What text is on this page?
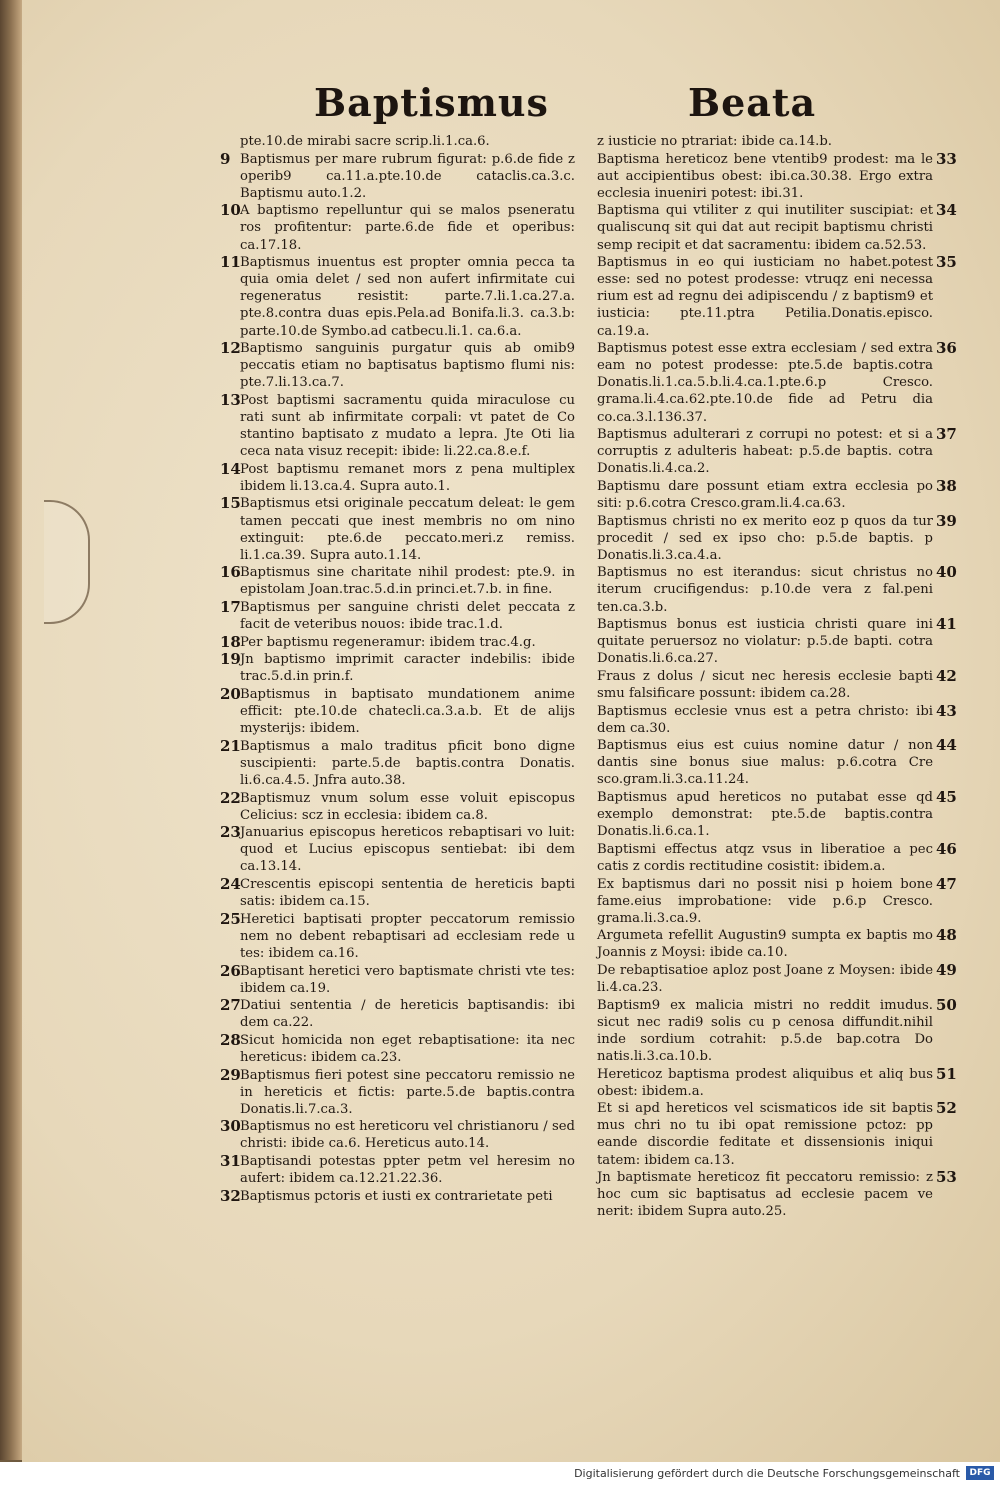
Baptismus	Beata
pte.10.de mirabi sacre scrip.li.1.ca.6.
9 Baptismus per mare rubrum figurat: p.6.de fide z operib9 ca.11.a.pte.10.de cataclis.ca.3.c. Baptismu auto.1.2.
10 A baptismo repelluntur qui se malos pseneratu ros profitentur: parte.6.de fide et operibus: ca.17.18.
11 Baptismus inuentus est propter omnia pecca ta quia omia delet / sed non aufert infirmitate cui regeneratus resistit: parte.7.li.1.ca.27.a. pte.8.contra duas epis.Pela.ad Bonifa.li.3. ca.3.b: parte.10.de Symbo.ad catbecu.li.1. ca.6.a.
12 Baptismo sanguinis purgatur quis ab omib9 peccatis etiam no baptisatus baptismo flumi nis: pte.7.li.13.ca.7.
13 Post baptismi sacramentu quida miraculose cu rati sunt ab infirmitate corpali: vt patet de Co stantino baptisato z mudato a lepra. Jte Oti lia ceca nata visuz recepit: ibide: li.22.ca.8.e.f.
14 Post baptismu remanet mors z pena multiplex ibidem li.13.ca.4. Supra auto.1.
15 Baptismus etsi originale peccatum deleat: le gem tamen peccati que inest membris no om nino extinguit: pte.6.de peccato.meri.z remiss. li.1.ca.39. Supra auto.1.14.
16 Baptismus sine charitate nihil prodest: pte.9. in epistolam Joan.trac.5.d.in princi.et.7.b. in fine.
17 Baptismus per sanguine christi delet peccata z facit de veteribus nouos: ibide trac.1.d.
18 Per baptismu regeneramur: ibidem trac.4.g.
19 Jn baptismo imprimit caracter indebilis: ibide trac.5.d.in prin.f.
20 Baptismus in baptisato mundationem anime efficit: pte.10.de chatecli.ca.3.a.b. Et de alijs mysterijs: ibidem.
21 Baptismus a malo traditus pficit bono digne suscipienti: parte.5.de baptis.contra Donatis. li.6.ca.4.5. Jnfra auto.38.
22 Baptismuz vnum solum esse voluit episcopus Celicius: scz in ecclesia: ibidem ca.8.
23 Januarius episcopus hereticos rebaptisari vo luit: quod et Lucius episcopus sentiebat: ibi dem ca.13.14.
24 Crescentis episcopi sententia de hereticis bapti satis: ibidem ca.15.
25 Heretici baptisati propter peccatorum remissio nem no debent rebaptisari ad ecclesiam rede u tes: ibidem ca.16.
26 Baptisant heretici vero baptismate christi vte tes: ibidem ca.19.
27 Datiui sententia / de hereticis baptisandis: ibi dem ca.22.
28 Sicut homicida non eget rebaptisatione: ita nec hereticus: ibidem ca.23.
29 Baptismus fieri potest sine peccatoru remissio ne in hereticis et fictis: parte.5.de baptis.contra Donatis.li.7.ca.3.
30 Baptismus no est hereticoru vel christianoru / sed christi: ibide ca.6. Hereticus auto.14.
31 Baptisandi potestas ppter petm vel heresim no aufert: ibidem ca.12.21.22.36.
32 Baptismus pctoris et iusti ex contrarietate peti
z iusticie no ptrariat: ibide ca.14.b.
33
Baptisma hereticoz bene vtentib9 prodest: ma le aut accipientibus obest: ibi.ca.30.38. Ergo extra ecclesia inueniri potest: ibi.31.
34
Baptisma qui vtiliter z qui inutiliter suscipiat: et qualiscunq sit qui dat aut recipit baptismu christi semp recipit et dat sacramentu: ibidem ca.52.53.
35
Baptismus in eo qui iusticiam no habet.potest esse: sed no potest prodesse: vtruqz eni necessa rium est ad regnu dei adipiscendu / z baptism9 et iusticia: pte.11.ptra Petilia.Donatis.episco. ca.19.a.
36
Baptismus potest esse extra ecclesiam / sed extra eam no potest prodesse: pte.5.de baptis.cotra Donatis.li.1.ca.5.b.li.4.ca.1.pte.6.p Cresco. grama.li.4.ca.62.pte.10.de fide ad Petru dia co.ca.3.l.136.37.
37
Baptismus adulterari z corrupi no potest: et si a corruptis z adulteris habeat: p.5.de baptis. cotra Donatis.li.4.ca.2.
38
Baptismu dare possunt etiam extra ecclesia po siti: p.6.cotra Cresco.gram.li.4.ca.63.
39
Baptismus christi no ex merito eoz p quos da tur procedit / sed ex ipso cho: p.5.de baptis. p Donatis.li.3.ca.4.a.
40
Baptismus no est iterandus: sicut christus no iterum crucifigendus: p.10.de vera z fal.peni ten.ca.3.b.
41
Baptismus bonus est iusticia christi quare ini quitate peruersoz no violatur: p.5.de bapti. cotra Donatis.li.6.ca.27.
42
Fraus z dolus / sicut nec heresis ecclesie bapti smu falsificare possunt: ibidem ca.28.
43
Baptismus ecclesie vnus est a petra christo: ibi dem ca.30.
44
Baptismus eius est cuius nomine datur / non dantis sine bonus siue malus: p.6.cotra Cre sco.gram.li.3.ca.11.24.
45
Baptismus apud hereticos no putabat esse qd exemplo demonstrat: pte.5.de baptis.contra Donatis.li.6.ca.1.
46
Baptismi effectus atqz vsus in liberatioe a pec catis z cordis rectitudine cosistit: ibidem.a.
47
Ex baptismus dari no possit nisi p hoiem bone fame.eius improbatione: vide p.6.p Cresco. grama.li.3.ca.9.
48
Argumeta refellit Augustin9 sumpta ex baptis mo Joannis z Moysi: ibide ca.10.
49
De rebaptisatioe aploz post Joane z Moysen: ibide li.4.ca.23.
50
Baptism9 ex malicia mistri no reddit imudus. sicut nec radi9 solis cu p cenosa diffundit.nihil inde sordium cotrahit: p.5.de bap.cotra Do natis.li.3.ca.10.b.
51
Hereticoz baptisma prodest aliquibus et aliq bus obest: ibidem.a.
52
Et si apd hereticos vel scismaticos ide sit baptis mus chri no tu ibi opat remissione pctoz: pp eande discordie feditate et dissensionis iniqui tatem: ibidem ca.13.
53
Jn baptismate hereticoz fit peccatoru remissio: z hoc cum sic baptisatus ad ecclesie pacem ve nerit: ibidem Supra auto.25.
Digitalisierung gefördert durch die Deutsche Forschungsgemeinschaft	DFG
